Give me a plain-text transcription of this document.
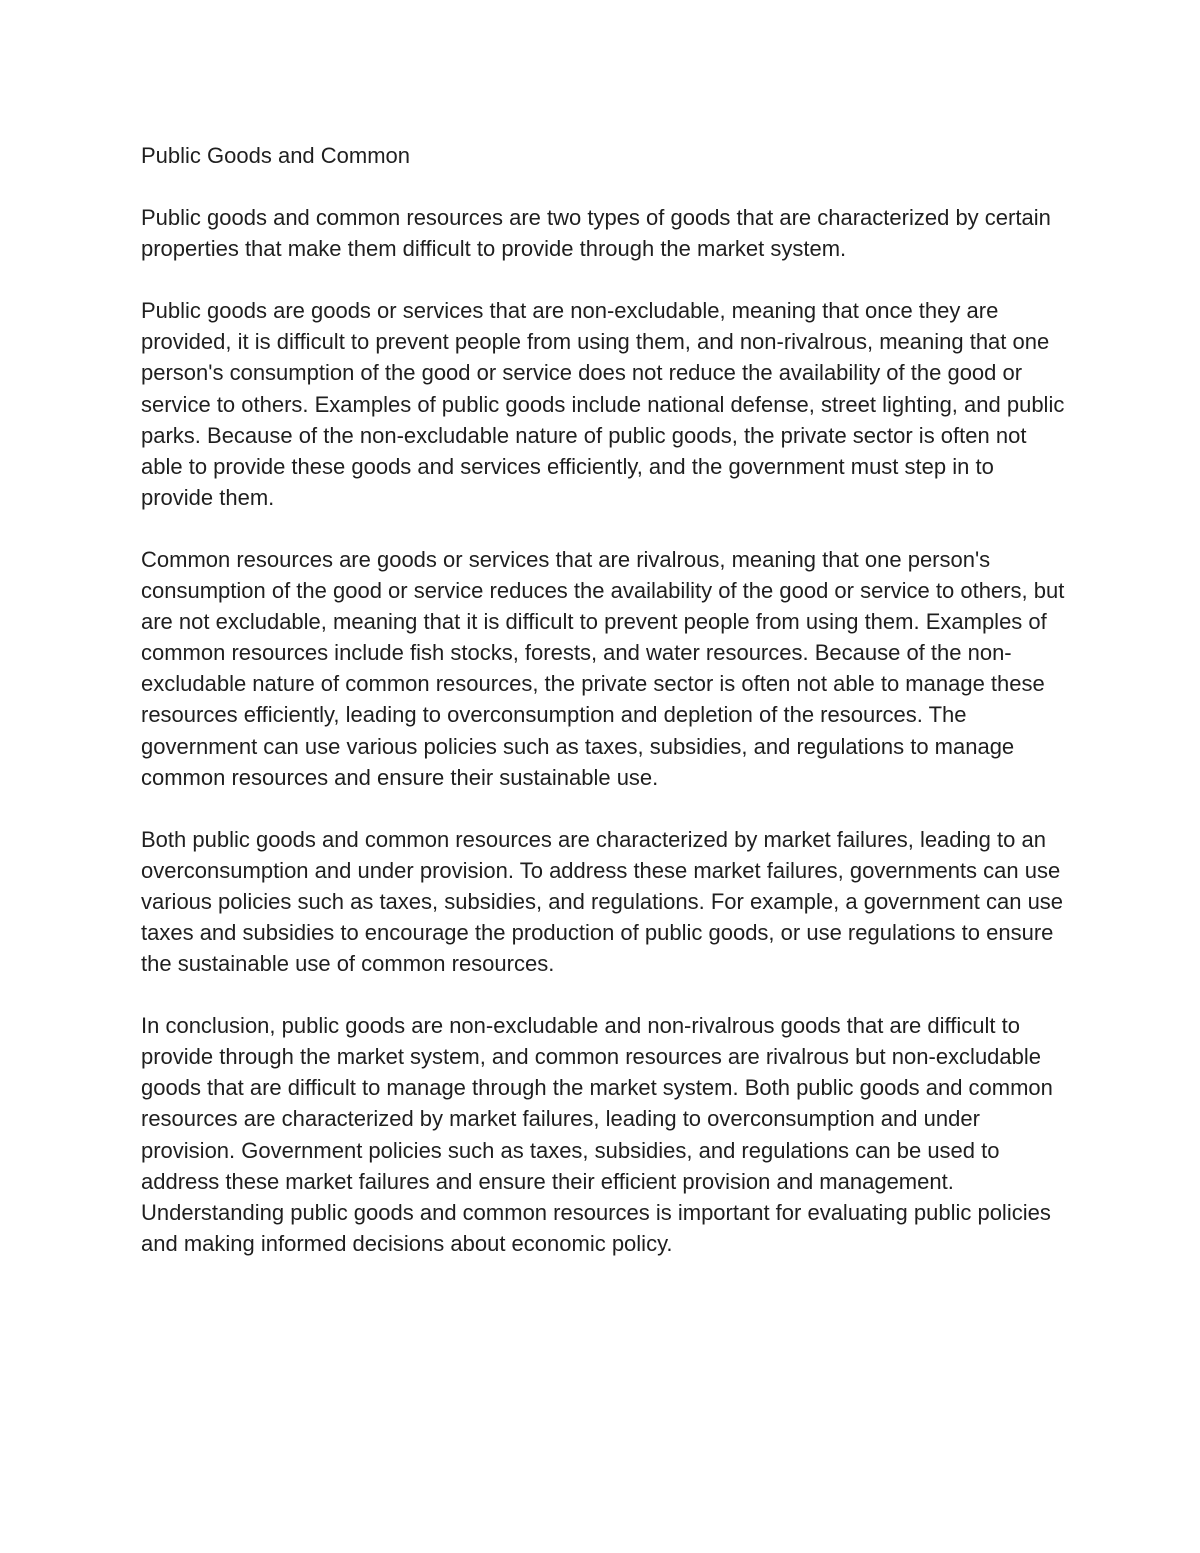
Public Goods and Common

Public goods and common resources are two types of goods that are characterized by certain properties that make them difficult to provide through the market system.

Public goods are goods or services that are non-excludable, meaning that once they are provided, it is difficult to prevent people from using them, and non-rivalrous, meaning that one person's consumption of the good or service does not reduce the availability of the good or service to others. Examples of public goods include national defense, street lighting, and public parks. Because of the non-excludable nature of public goods, the private sector is often not able to provide these goods and services efficiently, and the government must step in to provide them.

Common resources are goods or services that are rivalrous, meaning that one person's consumption of the good or service reduces the availability of the good or service to others, but are not excludable, meaning that it is difficult to prevent people from using them. Examples of common resources include fish stocks, forests, and water resources. Because of the non-excludable nature of common resources, the private sector is often not able to manage these resources efficiently, leading to overconsumption and depletion of the resources. The government can use various policies such as taxes, subsidies, and regulations to manage common resources and ensure their sustainable use.

Both public goods and common resources are characterized by market failures, leading to an overconsumption and under provision. To address these market failures, governments can use various policies such as taxes, subsidies, and regulations. For example, a government can use taxes and subsidies to encourage the production of public goods, or use regulations to ensure the sustainable use of common resources.

In conclusion, public goods are non-excludable and non-rivalrous goods that are difficult to provide through the market system, and common resources are rivalrous but non-excludable goods that are difficult to manage through the market system. Both public goods and common resources are characterized by market failures, leading to overconsumption and under provision. Government policies such as taxes, subsidies, and regulations can be used to address these market failures and ensure their efficient provision and management. Understanding public goods and common resources is important for evaluating public policies and making informed decisions about economic policy.
